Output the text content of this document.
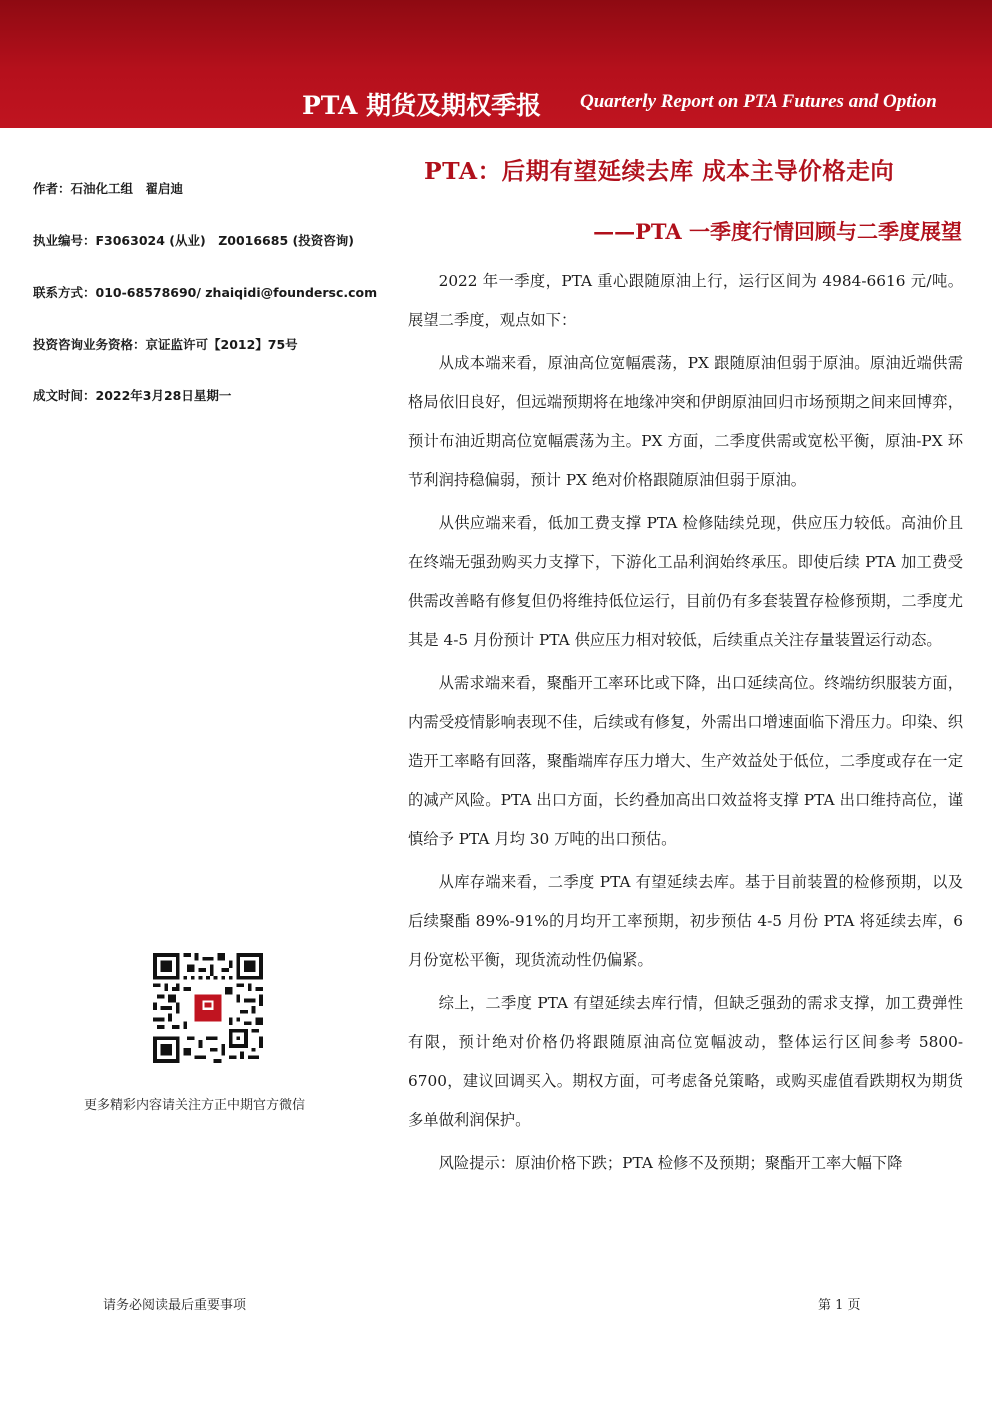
PTA 期货及期权季报 Quarterly Report on PTA Futures and Option
作者：石油化工组　翟启迪
执业编号：F3063024 (从业)　Z0016685 (投资咨询)
联系方式：010-68578690/ zhaiqidi@foundersc.com
投资咨询业务资格：京证监许可【2012】75号
成文时间：2022年3月28日星期一
更多精彩内容请关注方正中期官方微信
PTA：后期有望延续去库 成本主导价格走向
——PTA 一季度行情回顾与二季度展望

2022 年一季度，PTA 重心跟随原油上行，运行区间为 4984-6616 元/吨。展望二季度，观点如下：

从成本端来看，原油高位宽幅震荡，PX 跟随原油但弱于原油。原油近端供需格局依旧良好，但远端预期将在地缘冲突和伊朗原油回归市场预期之间来回博弈，预计布油近期高位宽幅震荡为主。PX 方面，二季度供需或宽松平衡，原油-PX 环节利润持稳偏弱，预计 PX 绝对价格跟随原油但弱于原油。

从供应端来看，低加工费支撑 PTA 检修陆续兑现，供应压力较低。高油价且在终端无强劲购买力支撑下，下游化工品利润始终承压。即使后续 PTA 加工费受供需改善略有修复但仍将维持低位运行，目前仍有多套装置存检修预期，二季度尤其是 4-5 月份预计 PTA 供应压力相对较低，后续重点关注存量装置运行动态。

从需求端来看，聚酯开工率环比或下降，出口延续高位。终端纺织服装方面，内需受疫情影响表现不佳，后续或有修复，外需出口增速面临下滑压力。印染、织造开工率略有回落，聚酯端库存压力增大、生产效益处于低位，二季度或存在一定的减产风险。PTA 出口方面，长约叠加高出口效益将支撑 PTA 出口维持高位，谨慎给予 PTA 月均 30 万吨的出口预估。

从库存端来看，二季度 PTA 有望延续去库。基于目前装置的检修预期，以及后续聚酯 89%-91%的月均开工率预期，初步预估 4-5 月份 PTA 将延续去库，6 月份宽松平衡，现货流动性仍偏紧。

综上，二季度 PTA 有望延续去库行情，但缺乏强劲的需求支撑，加工费弹性有限，预计绝对价格仍将跟随原油高位宽幅波动，整体运行区间参考 5800-6700，建议回调买入。期权方面，可考虑备兑策略，或购买虚值看跌期权为期货多单做利润保护。

风险提示：原油价格下跌；PTA 检修不及预期；聚酯开工率大幅下降

请务必阅读最后重要事项	第 1 页
